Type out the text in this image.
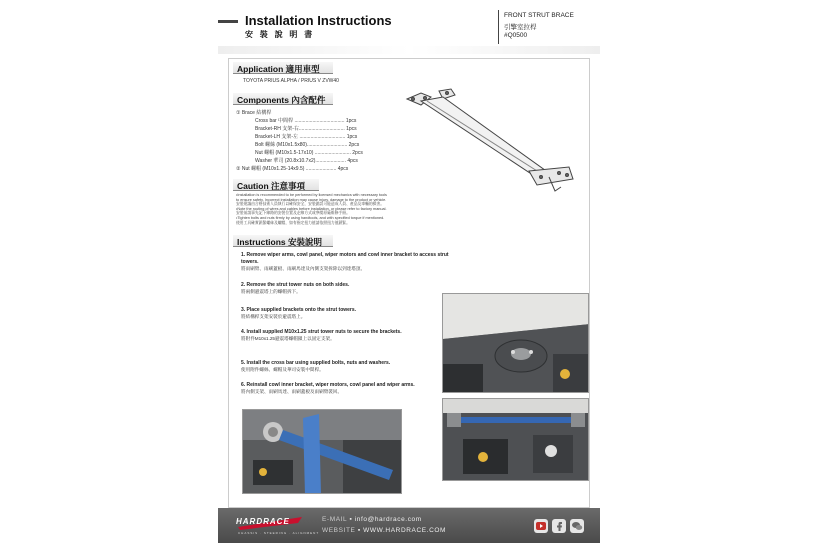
Installation Instructions
安 裝 說 明 書
FRONT STRUT BRACE
引擎室拉桿
#Q0500
Application 適用車型
TOYOTA PRIUS ALPHA / PRIUS V ZVW40
Components 內含配件
① Brace 結構桿
Cross bar 中間桿 .................................... 1pcs
Bracket-RH 支架-右................................. 1pcs
Bracket-LH 支架-左 ................................. 1pcs
Bolt 螺絲 (M10x1.5x80)............................. 2pcs
Nut 螺帽 (M10x1.5-17x10) .......................... 2pcs
Washer 華司 (20.8x10.7x2)...................... 4pcs
② Nut 螺帽 (M10x1.25-14x9.5) ...................... 4pcs
Caution 注意事項
•Installation is recommended to be performed by licensed mechanics with necessary tools
to ensure safety. Incorrect installation may cause injury, damage to the product or vehicle.
安裝建議由合格技術人員執行以確保安全，安裝錯誤可能造成人員、產品及車輛的損害。
•Note the routing of wires and cables before installation, or please refer to factory manual.
安裝前請事先記下線路的安裝位置及走線方式或參閱原廠維修手冊。
•Tighten bolts and nuts firmly by using handtools, and with specified torque if mentioned.
使用工具確實鎖緊螺絲及螺帽，如有指定扭力值請依照扭力值鎖緊。
Instructions 安裝說明
1. Remove wiper arms, cowl panel, wiper motors and cowl inner bracket to access strut towers.
將雨刷臂、雨刷蓋板、雨刷馬達及內側支架拆除以到達塔頂。
2. Remove the strut tower nuts on both sides.
將兩側避震塔上的螺帽拆下。
3. Place supplied brackets onto the strut towers.
將結構桿支架安裝於避震塔上。
4. Install supplied M10x1.25 strut tower nuts to secure the brackets.
將附件M10x1.25避震塔螺帽鎖上以固定支架。
5. Install the cross bar using supplied bolts, nuts and washers.
使用附件螺絲、螺帽及華司安裝中間桿。
6. Reinstall cowl inner bracket, wiper motors, cowl panel and wiper arms.
將內側支架、雨刷馬達、雨刷蓋板及雨刷臂裝回。
HARDRACE
CHASSIS · STEERING · ALIGNMENT
E-MAIL ▪ info@hardrace.com
WEBSITE ▪ WWW.HARDRACE.COM
